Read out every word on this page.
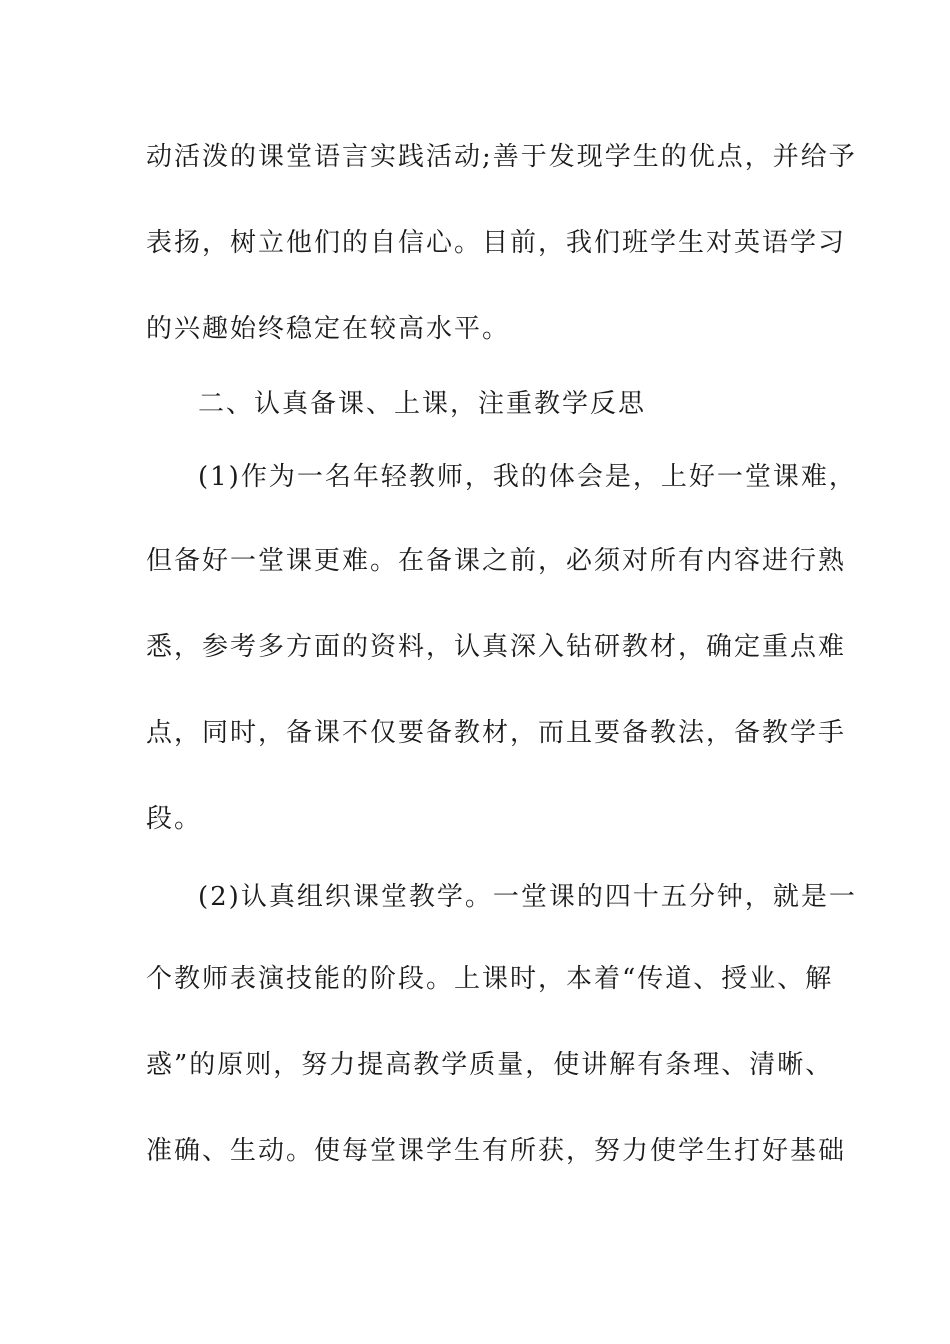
动活泼的课堂语言实践活动;善于发现学生的优点，并给予
表扬，树立他们的自信心。目前，我们班学生对英语学习
的兴趣始终稳定在较高水平。
二、认真备课、上课，注重教学反思
(1)作为一名年轻教师，我的体会是，上好一堂课难，
但备好一堂课更难。在备课之前，必须对所有内容进行熟
悉，参考多方面的资料，认真深入钻研教材，确定重点难
点，同时，备课不仅要备教材，而且要备教法，备教学手
段。
(2)认真组织课堂教学。一堂课的四十五分钟，就是一
个教师表演技能的阶段。上课时，本着“传道、授业、解
惑”的原则，努力提高教学质量，使讲解有条理、清晰、
准确、生动。使每堂课学生有所获，努力使学生打好基础
